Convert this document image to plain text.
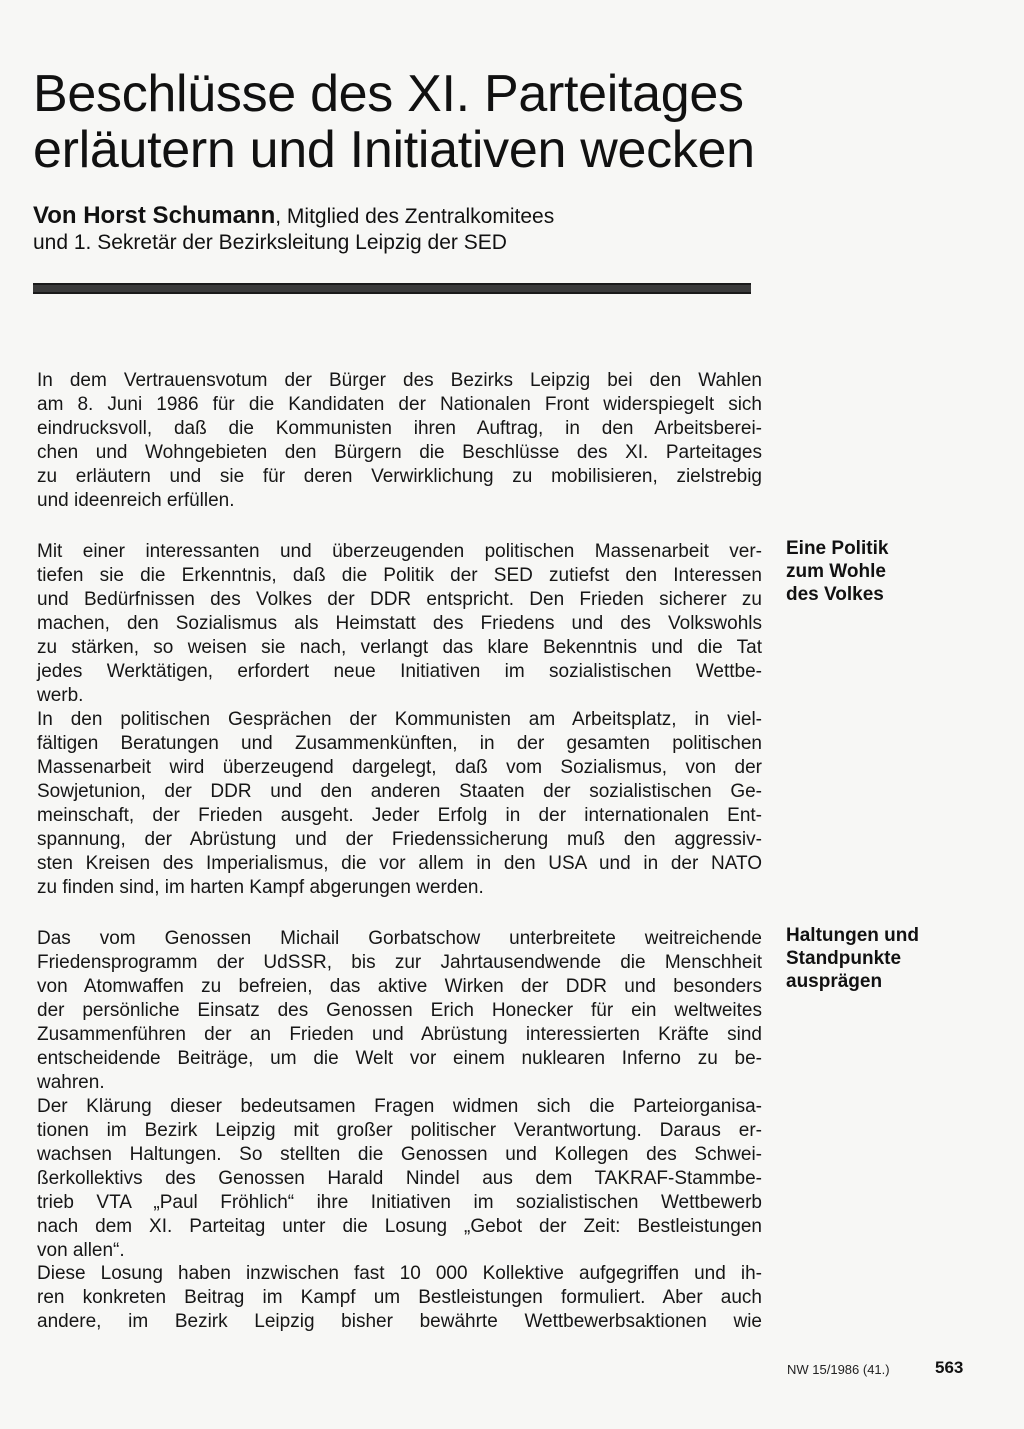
Beschlüsse des XI. Parteitages
erläutern und Initiativen wecken
Von Horst Schumann, Mitglied des Zentralkomitees
und 1. Sekretär der Bezirksleitung Leipzig der SED

In dem Vertrauensvotum der Bürger des Bezirks Leipzig bei den Wahlen
am 8. Juni 1986 für die Kandidaten der Nationalen Front widerspiegelt sich
eindrucksvoll, daß die Kommunisten ihren Auftrag, in den Arbeitsberei-
chen und Wohngebieten den Bürgern die Beschlüsse des XI. Parteitages
zu erläutern und sie für deren Verwirklichung zu mobilisieren, zielstrebig
und ideenreich erfüllen.

Mit einer interessanten und überzeugenden politischen Massenarbeit ver-
tiefen sie die Erkenntnis, daß die Politik der SED zutiefst den Interessen
und Bedürfnissen des Volkes der DDR entspricht. Den Frieden sicherer zu
machen, den Sozialismus als Heimstatt des Friedens und des Volkswohls
zu stärken, so weisen sie nach, verlangt das klare Bekenntnis und die Tat
jedes Werktätigen, erfordert neue Initiativen im sozialistischen Wettbe-
werb.

In den politischen Gesprächen der Kommunisten am Arbeitsplatz, in viel-
fältigen Beratungen und Zusammenkünften, in der gesamten politischen
Massenarbeit wird überzeugend dargelegt, daß vom Sozialismus, von der
Sowjetunion, der DDR und den anderen Staaten der sozialistischen Ge-
meinschaft, der Frieden ausgeht. Jeder Erfolg in der internationalen Ent-
spannung, der Abrüstung und der Friedenssicherung muß den aggressiv-
sten Kreisen des Imperialismus, die vor allem in den USA und in der NATO
zu finden sind, im harten Kampf abgerungen werden.

Das vom Genossen Michail Gorbatschow unterbreitete weitreichende
Friedensprogramm der UdSSR, bis zur Jahrtausendwende die Menschheit
von Atomwaffen zu befreien, das aktive Wirken der DDR und besonders
der persönliche Einsatz des Genossen Erich Honecker für ein weltweites
Zusammenführen der an Frieden und Abrüstung interessierten Kräfte sind
entscheidende Beiträge, um die Welt vor einem nuklearen Inferno zu be-
wahren.

Der Klärung dieser bedeutsamen Fragen widmen sich die Parteiorganisa-
tionen im Bezirk Leipzig mit großer politischer Verantwortung. Daraus er-
wachsen Haltungen. So stellten die Genossen und Kollegen des Schwei-
ßerkollektivs des Genossen Harald Nindel aus dem TAKRAF-Stammbe-
trieb VTA „Paul Fröhlich“ ihre Initiativen im sozialistischen Wettbewerb
nach dem XI. Parteitag unter die Losung „Gebot der Zeit: Bestleistungen
von allen“.

Diese Losung haben inzwischen fast 10 000 Kollektive aufgegriffen und ih-
ren konkreten Beitrag im Kampf um Bestleistungen formuliert. Aber auch
andere, im Bezirk Leipzig bisher bewährte Wettbewerbsaktionen wie

Eine Politik
zum Wohle
des Volkes
Haltungen und
Standpunkte
ausprägen
NW 15/1986 (41.)	563
